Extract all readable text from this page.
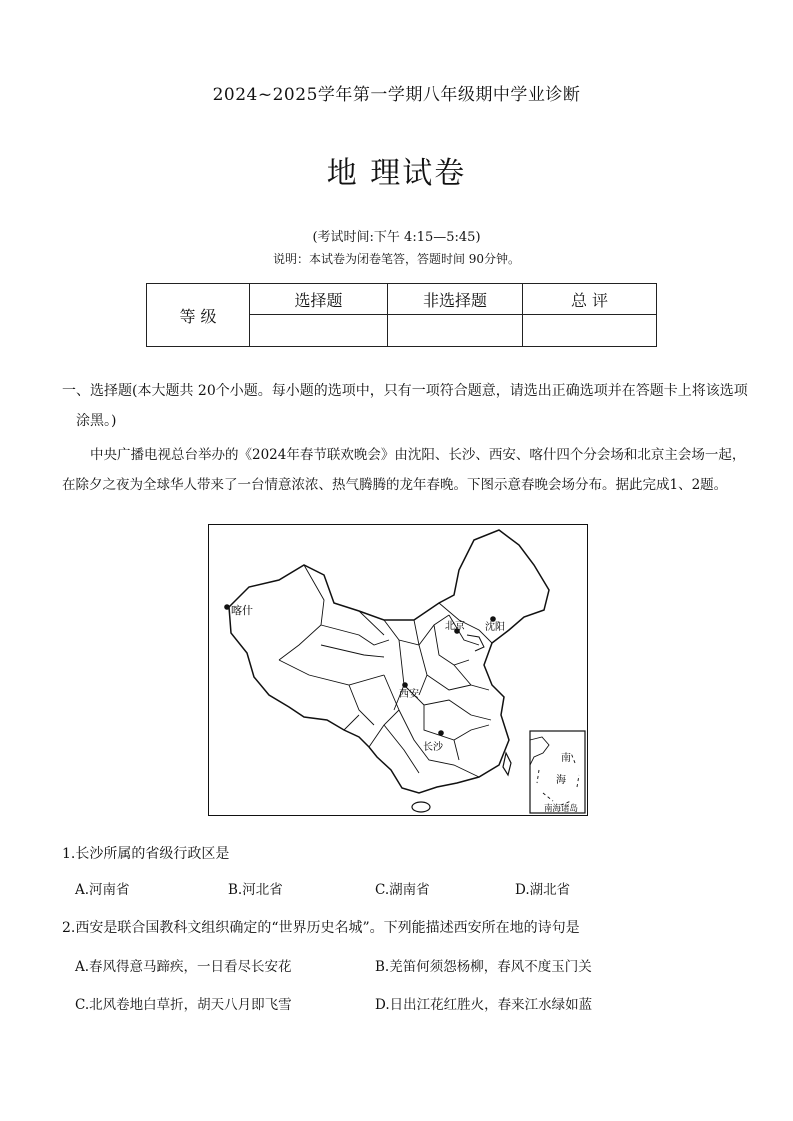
2024~2025学年第一学期八年级期中学业诊断
地 理试卷
(考试时间:下午 4:15—5:45)
说明：本试卷为闭卷笔答，答题时间 90分钟。
等 级	选择题	非选择题	总 评

一、选择题(本大题共 20个小题。每小题的选项中，只有一项符合题意，请选出正确选项并在答题卡上将该选项
涂黑。)
中央广播电视总台举办的《2024年春节联欢晚会》由沈阳、长沙、西安、喀什四个分会场和北京主会场一起，在除夕之夜为全球华人带来了一台情意浓浓、热气腾腾的龙年春晚。下图示意春晚会场分布。据此完成1、2题。
喀什
北京 沈阳
西安
长沙
南
海
南海诸岛
1.长沙所属的省级行政区是
A.河南省	B.河北省	C.湖南省	D.湖北省
2.西安是联合国教科文组织确定的“世界历史名城”。下列能描述西安所在地的诗句是
A.春风得意马蹄疾，一日看尽长安花	B.羌笛何须怨杨柳，春风不度玉门关
C.北风卷地白草折，胡天八月即飞雪	D.日出江花红胜火，春来江水绿如蓝
